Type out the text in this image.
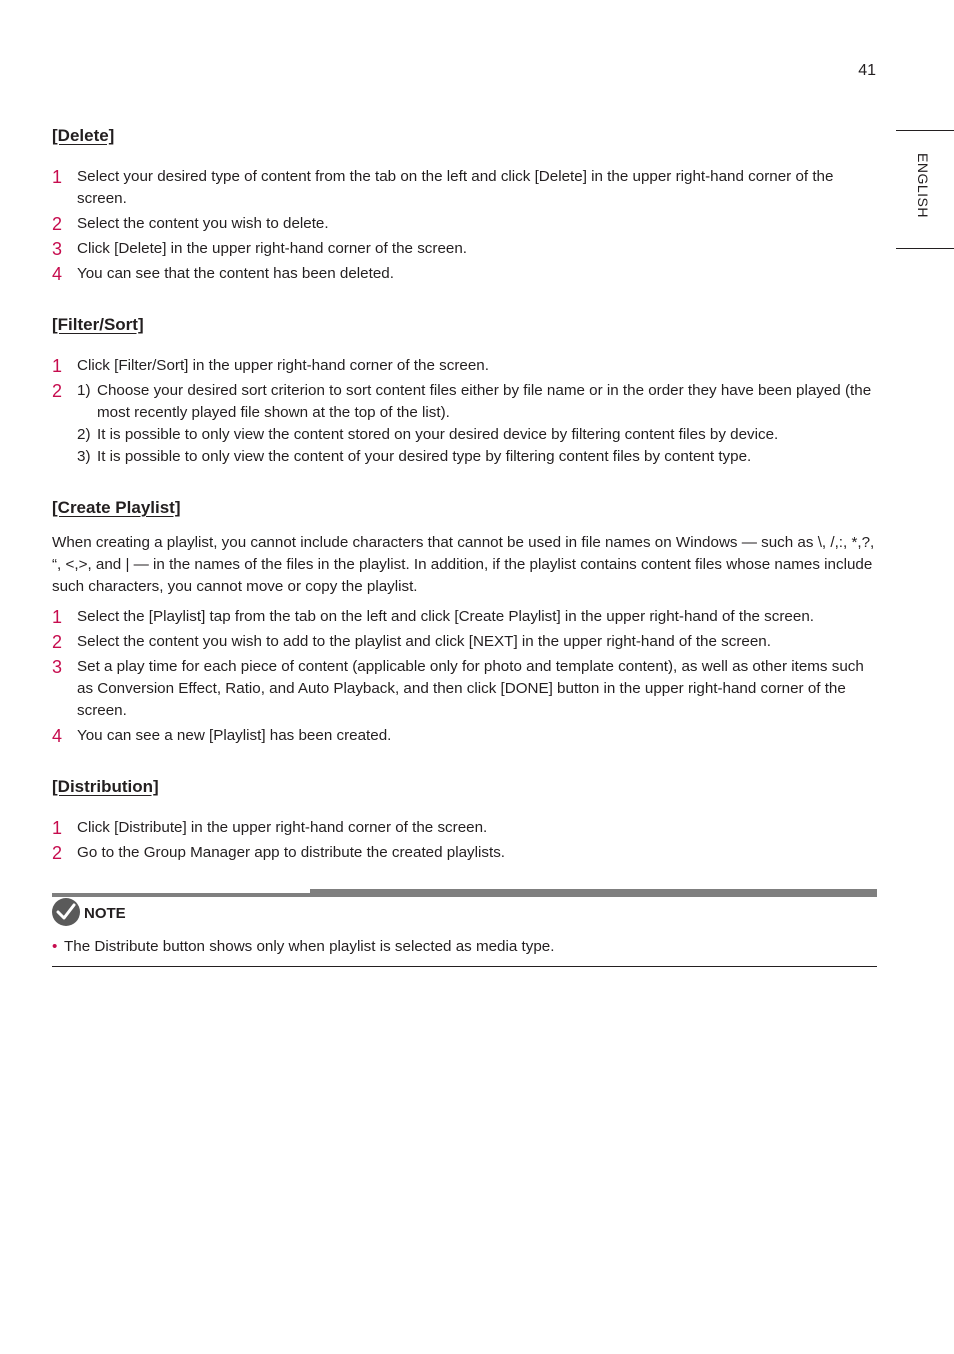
41
ENGLISH
[Delete]
1 Select your desired type of content from the tab on the left and click [Delete] in the upper right-hand corner of the screen.
2 Select the content you wish to delete.
3 Click [Delete] in the upper right-hand corner of the screen.
4 You can see that the content has been deleted.
[Filter/Sort]
1 Click [Filter/Sort] in the upper right-hand corner of the screen.
2 1) Choose your desired sort criterion to sort content files either by file name or in the order they have been played (the most recently played file shown at the top of the list).
2) It is possible to only view the content stored on your desired device by filtering content files by device.
3) It is possible to only view the content of your desired type by filtering content files by content type.
[Create Playlist]

When creating a playlist, you cannot include characters that cannot be used in file names on Windows — such as \, /,:, *,?, “, <,>, and | — in the names of the files in the playlist. In addition, if the playlist contains content files whose names include such characters, you cannot move or copy the playlist.

1 Select the [Playlist] tap from the tab on the left and click [Create Playlist] in the upper right-hand of the screen.
2 Select the content you wish to add to the playlist and click [NEXT] in the upper right-hand of the screen.
3 Set a play time for each piece of content (applicable only for photo and template content), as well as other items such as Conversion Effect, Ratio, and Auto Playback, and then click [DONE] button in the upper right-hand corner of the screen.
4 You can see a new [Playlist] has been created.
[Distribution]
1 Click [Distribute] in the upper right-hand corner of the screen.
2 Go to the Group Manager app to distribute the created playlists.
NOTE
• The Distribute button shows only when playlist is selected as media type.
